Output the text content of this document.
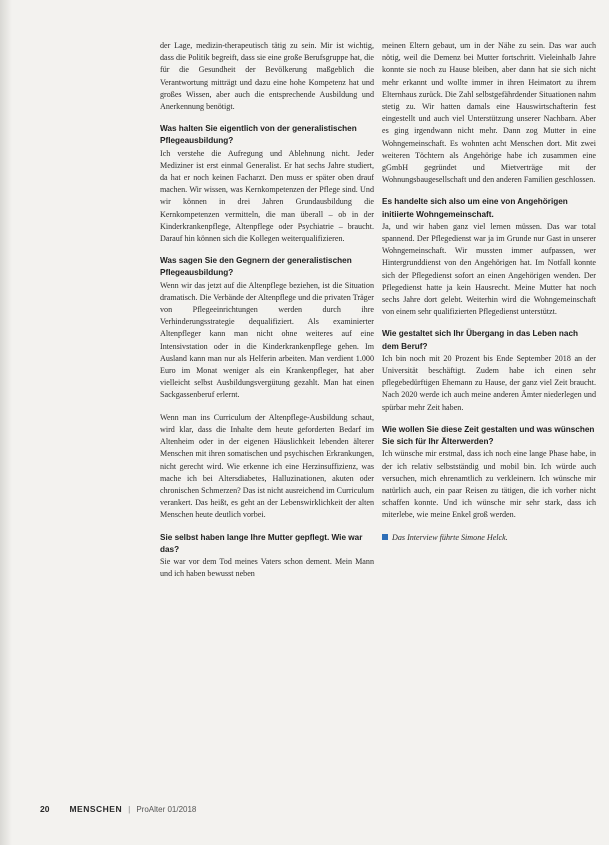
der Lage, medizin-therapeutisch tätig zu sein. Mir ist wichtig, dass die Politik begreift, dass sie eine große Berufsgruppe hat, die für die Gesundheit der Bevölkerung maßgeblich die Verantwortung mitträgt und dazu eine hohe Kompetenz hat und großes Wissen, aber auch die entsprechende Ausbildung und Anerkennung benötigt.

Was halten Sie eigentlich von der generalistischen Pflegeausbildung?

Ich verstehe die Aufregung und Ablehnung nicht. Jeder Mediziner ist erst einmal Generalist. Er hat sechs Jahre studiert, da hat er noch keinen Facharzt. Den muss er später oben drauf machen. Wir wissen, was Kernkompetenzen der Pflege sind. Und wir können in drei Jahren Grundausbildung die Kernkompetenzen vermitteln, die man überall – ob in der Kinderkrankenpflege, Altenpflege oder Psychiatrie – braucht. Darauf hin können sich die Kollegen weiterqualifizieren.

Was sagen Sie den Gegnern der generalistischen Pflegeausbildung?

Wenn wir das jetzt auf die Altenpflege beziehen, ist die Situation dramatisch. Die Verbände der Altenpflege und die privaten Träger von Pflegeeinrichtungen werden durch ihre Verhinderungsstrategie dequalifiziert. Als examinierter Altenpfleger kann man nicht ohne weiteres auf eine Intensivstation oder in die Kinderkrankenpflege gehen. Im Ausland kann man nur als Helferin arbeiten. Man verdient 1.000 Euro im Monat weniger als ein Krankenpfleger, hat aber vielleicht selbst Ausbildungsvergütung gezahlt. Man hat einen Sackgassenberuf erlernt.

Wenn man ins Curriculum der Altenpflege-Ausbildung schaut, wird klar, dass die Inhalte dem heute geforderten Bedarf im Altenheim oder in der eigenen Häuslichkeit lebenden älterer Menschen mit ihren somatischen und psychischen Erkrankungen, nicht gerecht wird. Wie erkenne ich eine Herzinsuffizienz, was mache ich bei Altersdiabetes, Halluzinationen, akuten oder chronischen Schmerzen? Das ist nicht ausreichend im Curriculum verankert. Das heißt, es geht an der Lebenswirklichkeit der alten Menschen heute deutlich vorbei.

Sie selbst haben lange Ihre Mutter gepflegt. Wie war das?

Sie war vor dem Tod meines Vaters schon dement. Mein Mann und ich haben bewusst neben

meinen Eltern gebaut, um in der Nähe zu sein. Das war auch nötig, weil die Demenz bei Mutter fortschritt. Vieleinhalb Jahre konnte sie noch zu Hause bleiben, aber dann hat sie sich nicht mehr erkannt und wollte immer in ihren Heimatort zu ihrem Elternhaus zurück. Die Zahl selbstgefährdender Situationen nahm stetig zu. Wir hatten damals eine Hauswirtschafterin fest eingestellt und auch viel Unterstützung unserer Nachbarn. Aber es ging irgendwann nicht mehr. Dann zog Mutter in eine Wohngemeinschaft. Es wohnten acht Menschen dort. Mit zwei weiteren Töchtern als Angehörige habe ich zusammen eine gGmbH gegründet und Mietverträge mit der Wohnungsbaugesellschaft und den anderen Familien geschlossen.

Es handelte sich also um eine von Angehörigen initiierte Wohngemeinschaft.

Ja, und wir haben ganz viel lernen müssen. Das war total spannend. Der Pflegedienst war ja im Grunde nur Gast in unserer Wohngemeinschaft. Wir mussten immer aufpassen, wer Hintergrunddienst von den Angehörigen hat. Im Notfall konnte sich der Pflegedienst sofort an einen Angehörigen wenden. Der Pflegedienst hatte ja kein Hausrecht. Meine Mutter hat noch sechs Jahre dort gelebt. Weiterhin wird die Wohngemeinschaft von einem sehr qualifizierten Pflegedienst unterstützt.

Wie gestaltet sich Ihr Übergang in das Leben nach dem Beruf?

Ich bin noch mit 20 Prozent bis Ende September 2018 an der Universität beschäftigt. Zudem habe ich einen sehr pflegebedürftigen Ehemann zu Hause, der ganz viel Zeit braucht. Nach 2020 werde ich auch meine anderen Ämter niederlegen und spürbar mehr Zeit haben.

Wie wollen Sie diese Zeit gestalten und was wünschen Sie sich für Ihr Älterwerden?

Ich wünsche mir erstmal, dass ich noch eine lange Phase habe, in der ich relativ selbstständig und mobil bin. Ich würde auch versuchen, mich ehrenamtlich zu verkleinern. Ich wünsche mir natürlich auch, ein paar Reisen zu tätigen, die ich vorher nicht schaffen konnte. Und ich wünsche mir sehr stark, dass ich miterlebe, wie meine Enkel groß werden.

Das Interview führte Simone Helck.

20 MENSCHEN | ProAlter 01/2018
